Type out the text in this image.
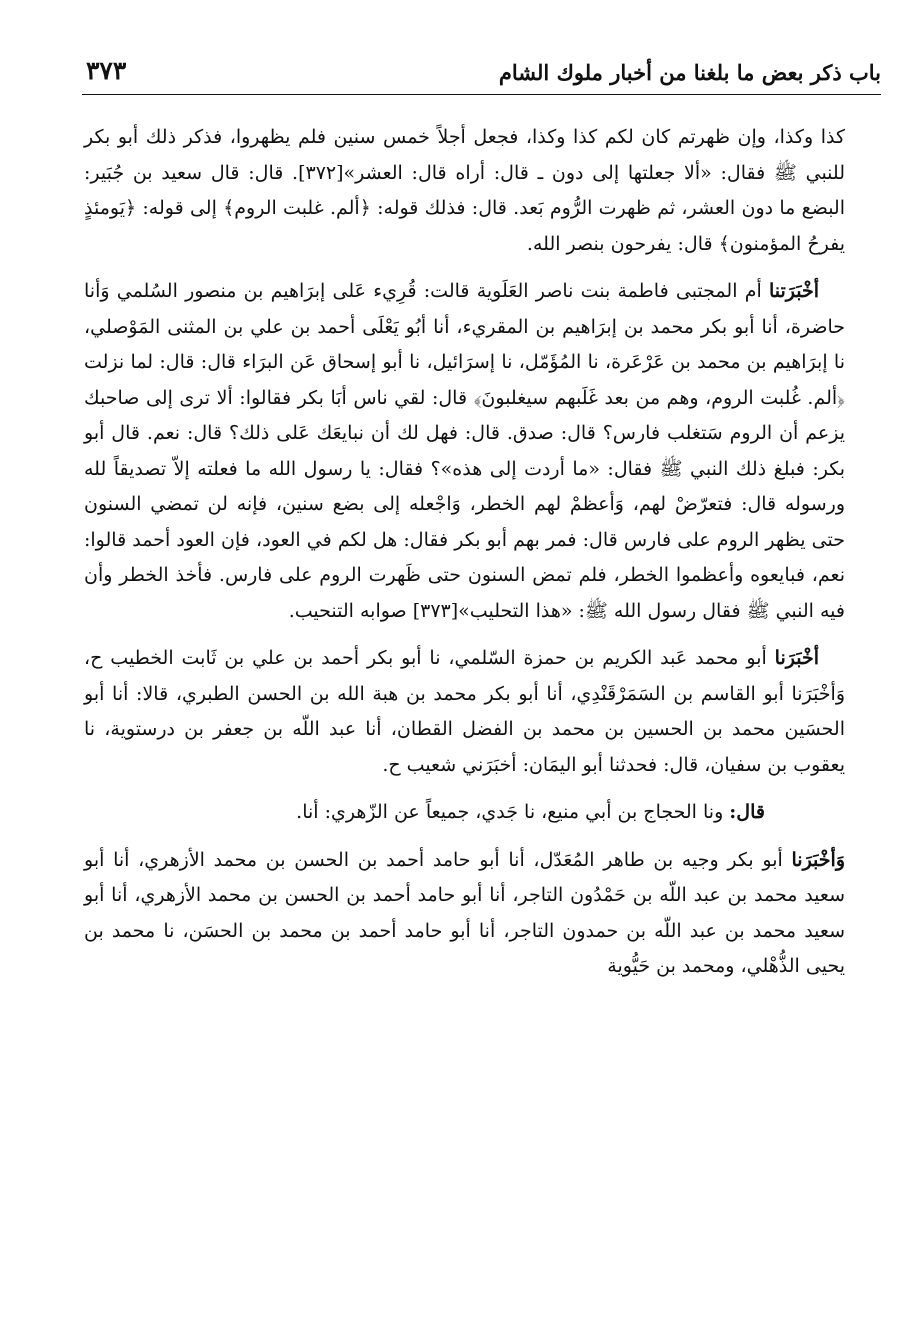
باب ذكر بعض ما بلغنا من أخبار ملوك الشام
٣٧٣

كذا وكذا، وإن ظهرتم كان لكم كذا وكذا، فجعل أجلاً خمس سنين فلم يظهروا، فذكر ذلك أبو بكر للنبي ﷺ فقال: «ألا جعلتها إلى دون ـ قال: أراه قال: العشر»[٣٧٢]. قال: قال سعيد بن جُبَير: البضع ما دون العشر، ثم ظهرت الرُّوم بَعد. قال: فذلك قوله: ﴿ألم. غلبت الروم﴾ إلى قوله: ﴿يَومئذٍ يفرحُ المؤمنون﴾ قال: يفرحون بنصر الله.

أخْبَرَتنا أم المجتبى فاطمة بنت ناصر العَلَوية قالت: قُرِيء عَلى إبرَاهيم بن منصور السُلمي وَأنا حاضرة، أنا أبو بكر محمد بن إبرَاهيم بن المقريء، أنا أبُو يَعْلَى أحمد بن علي بن المثنى المَوْصلي، نا إبرَاهيم بن محمد بن عَرْعَرة، نا المُؤَمّل، نا إسرَائيل، نا أبو إسحاق عَن البرَاء قال: قال: لما نزلت ﴿ألم. غُلبت الروم، وهم من بعد غَلَبهم سيغلبونَ﴾ قال: لقي ناس أبَا بكر فقالوا: ألا ترى إلى صاحبك يزعم أن الروم سَتغلب فارس؟ قال: صدق. قال: فهل لك أن نبايعَك عَلى ذلك؟ قال: نعم. قال أبو بكر: فبلغ ذلك النبي ﷺ فقال: «ما أردت إلى هذه»؟ فقال: يا رسول الله ما فعلته إلاّ تصديقاً لله ورسوله قال: فتعرّضْ لهم، وَأعظمْ لهم الخطر، وَاجْعله إلى بضع سنين، فإنه لن تمضي السنون حتى يظهر الروم على فارس قال: فمر بهم أبو بكر فقال: هل لكم في العود، فإن العود أحمد قالوا: نعم، فبايعوه وأعظموا الخطر، فلم تمض السنون حتى ظَهرت الروم على فارس. فأخذ الخطر وأن فيه النبي ﷺ فقال رسول الله ﷺ: «هذا التحليب»[٣٧٣] صوابه التنحيب.

أخْبَرَنا أبو محمد عَبد الكريم بن حمزة السّلمي، نا أبو بكر أحمد بن علي بن ثَابت الخطيب ح، وَأخْبَرَنا أبو القاسم بن السَمَرْقَنْدِي، أنا أبو بكر محمد بن هبة الله بن الحسن الطبري، قالا: أنا أبو الحسَين محمد بن الحسين بن محمد بن الفضل القطان، أنا عبد اللّه بن جعفر بن درستوية، نا يعقوب بن سفيان، قال: فحدثنا أبو اليمَان: أخبَرَني شعيب ح.

قال: ونا الحجاج بن أبي منيع، نا جَدي، جميعاً عن الزّهري: أنا.

وَأخْبَرَنا أبو بكر وجيه بن طاهر المُعَدّل، أنا أبو حامد أحمد بن الحسن بن محمد الأزهري، أنا أبو سعيد محمد بن عبد اللّه بن حَمْدُون التاجر، أنا أبو حامد أحمد بن الحسن بن محمد الأزهري، أنا أبو سعيد محمد بن عبد اللّه بن حمدون التاجر، أنا أبو حامد أحمد بن محمد بن الحسَن، نا محمد بن يحيى الذُّهْلي، ومحمد بن حَيُّوية
